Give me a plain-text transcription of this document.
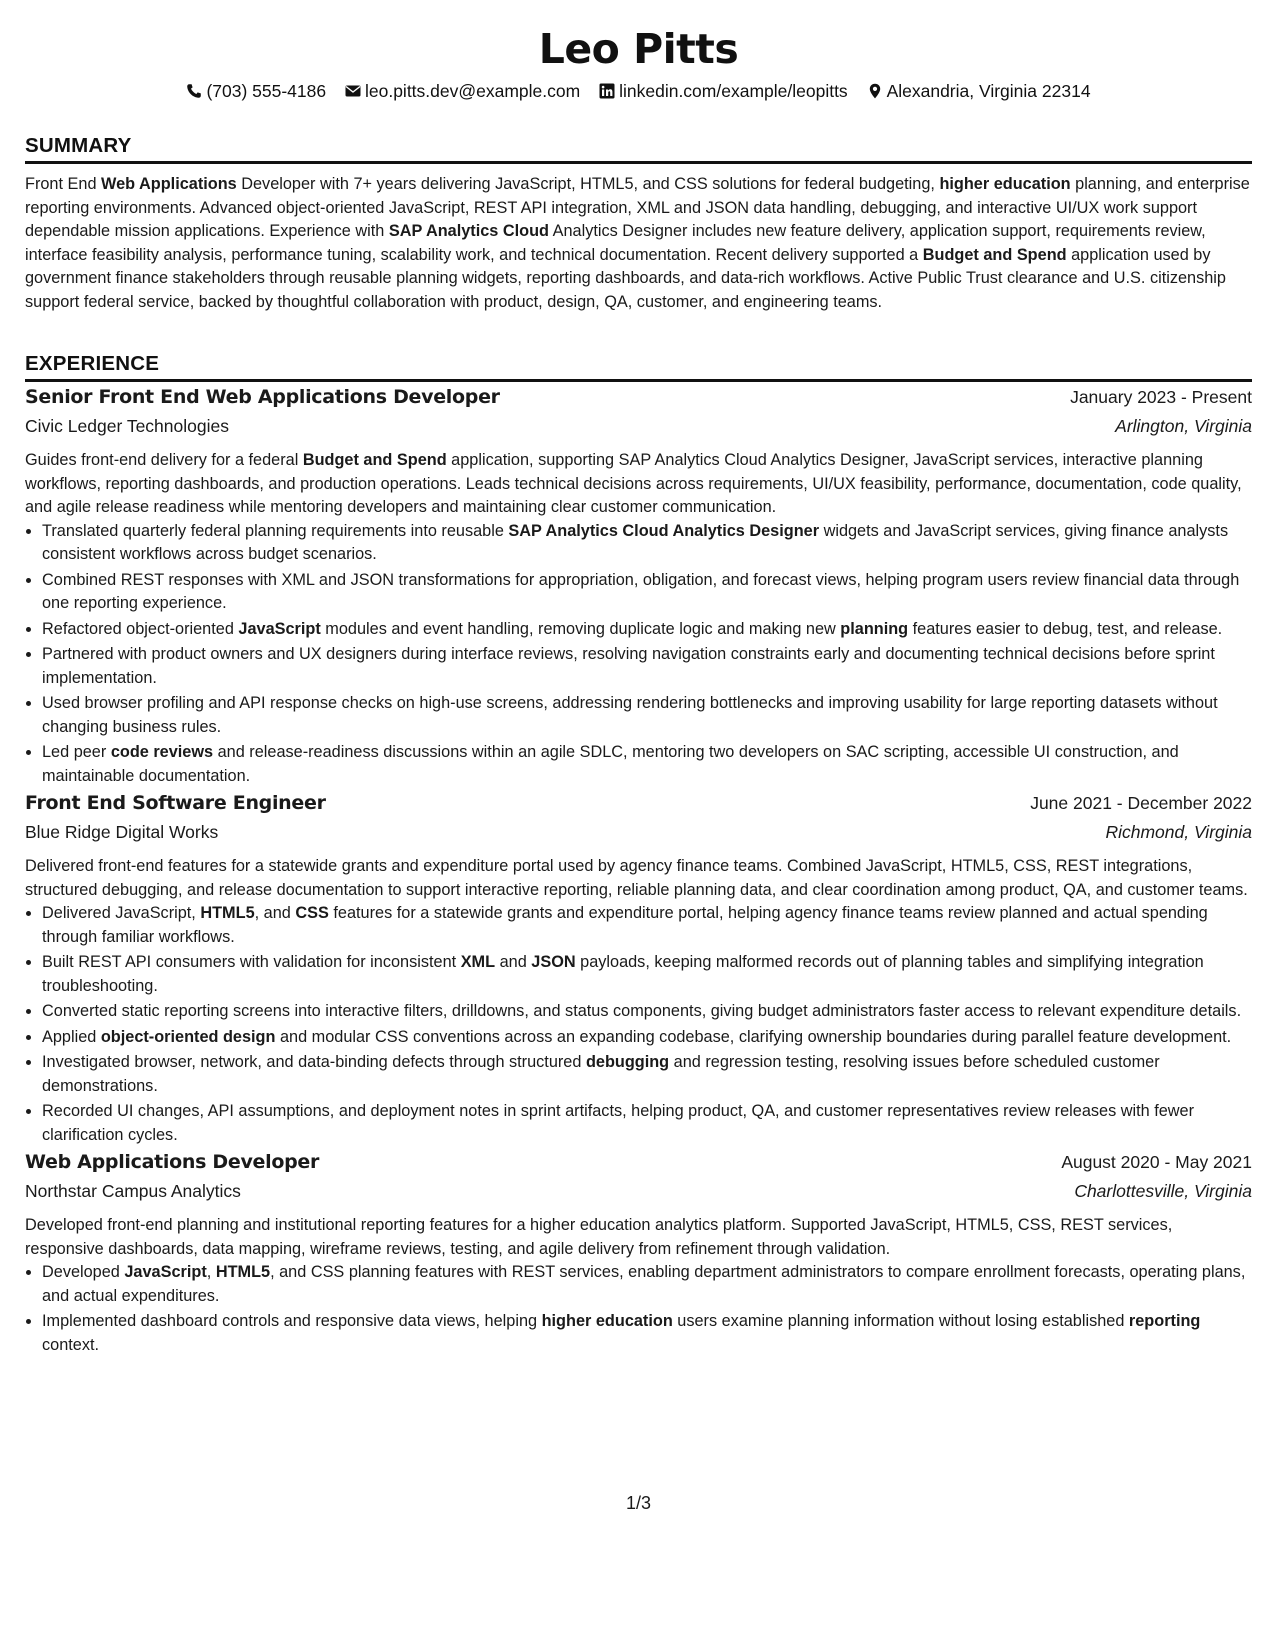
Leo Pitts
(703) 555-4186 leo.pitts.dev@example.com linkedin.com/example/leopitts Alexandria, Virginia 22314
SUMMARY

Front End Web Applications Developer with 7+ years delivering JavaScript, HTML5, and CSS solutions for federal budgeting, higher education planning, and enterprise reporting environments. Advanced object-oriented JavaScript, REST API integration, XML and JSON data handling, debugging, and interactive UI/UX work support dependable mission applications. Experience with SAP Analytics Cloud Analytics Designer includes new feature delivery, application support, requirements review, interface feasibility analysis, performance tuning, scalability work, and technical documentation. Recent delivery supported a Budget and Spend application used by government finance stakeholders through reusable planning widgets, reporting dashboards, and data-rich workflows. Active Public Trust clearance and U.S. citizenship support federal service, backed by thoughtful collaboration with product, design, QA, customer, and engineering teams.

EXPERIENCE
Senior Front End Web Applications Developer	January 2023 - Present
Civic Ledger Technologies	Arlington, Virginia

Guides front-end delivery for a federal Budget and Spend application, supporting SAP Analytics Cloud Analytics Designer, JavaScript services, interactive planning workflows, reporting dashboards, and production operations. Leads technical decisions across requirements, UI/UX feasibility, performance, documentation, code quality, and agile release readiness while mentoring developers and maintaining clear customer communication.

• Translated quarterly federal planning requirements into reusable SAP Analytics Cloud Analytics Designer widgets and JavaScript services, giving finance analysts consistent workflows across budget scenarios.
• Combined REST responses with XML and JSON transformations for appropriation, obligation, and forecast views, helping program users review financial data through one reporting experience.
• Refactored object-oriented JavaScript modules and event handling, removing duplicate logic and making new planning features easier to debug, test, and release.
• Partnered with product owners and UX designers during interface reviews, resolving navigation constraints early and documenting technical decisions before sprint implementation.
• Used browser profiling and API response checks on high-use screens, addressing rendering bottlenecks and improving usability for large reporting datasets without changing business rules.
• Led peer code reviews and release-readiness discussions within an agile SDLC, mentoring two developers on SAC scripting, accessible UI construction, and maintainable documentation.
Front End Software Engineer	June 2021 - December 2022
Blue Ridge Digital Works	Richmond, Virginia

Delivered front-end features for a statewide grants and expenditure portal used by agency finance teams. Combined JavaScript, HTML5, CSS, REST integrations, structured debugging, and release documentation to support interactive reporting, reliable planning data, and clear coordination among product, QA, and customer teams.

• Delivered JavaScript, HTML5, and CSS features for a statewide grants and expenditure portal, helping agency finance teams review planned and actual spending through familiar workflows.
• Built REST API consumers with validation for inconsistent XML and JSON payloads, keeping malformed records out of planning tables and simplifying integration troubleshooting.
• Converted static reporting screens into interactive filters, drilldowns, and status components, giving budget administrators faster access to relevant expenditure details.
• Applied object-oriented design and modular CSS conventions across an expanding codebase, clarifying ownership boundaries during parallel feature development.
• Investigated browser, network, and data-binding defects through structured debugging and regression testing, resolving issues before scheduled customer demonstrations.
• Recorded UI changes, API assumptions, and deployment notes in sprint artifacts, helping product, QA, and customer representatives review releases with fewer clarification cycles.
Web Applications Developer	August 2020 - May 2021
Northstar Campus Analytics	Charlottesville, Virginia

Developed front-end planning and institutional reporting features for a higher education analytics platform. Supported JavaScript, HTML5, CSS, REST services, responsive dashboards, data mapping, wireframe reviews, testing, and agile delivery from refinement through validation.

• Developed JavaScript, HTML5, and CSS planning features with REST services, enabling department administrators to compare enrollment forecasts, operating plans, and actual expenditures.
• Implemented dashboard controls and responsive data views, helping higher education users examine planning information without losing established reporting context.
1/3
